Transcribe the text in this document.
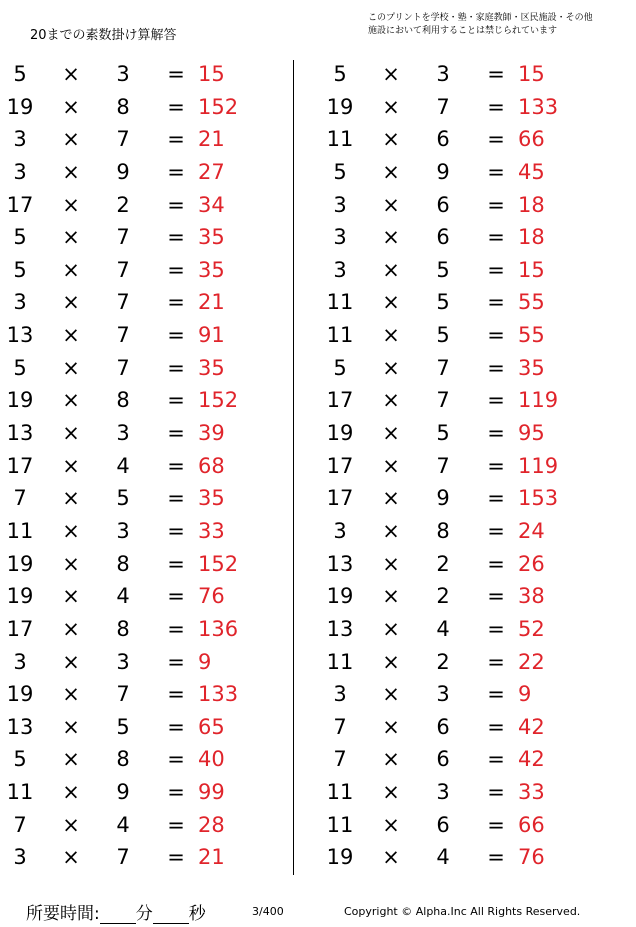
20までの素数掛け算解答
このプリントを学校・塾・家庭教師・区民施設・その他
施設において利用することは禁じられています
5	×	3	= 15
19 ×	8	= 152
3	×	7	= 21
3	×	9	= 27
17 ×	2	= 34
5	×	7	= 35
5	×	7	= 35
3	×	7	= 21
13 ×	7	= 91
5	×	7	= 35
19 ×	8	= 152
13 ×	3	= 39
17 ×	4	= 68
7	×	5	= 35
11 ×	3	= 33
19 ×	8	= 152
19 ×	4	= 76
17 ×	8	= 136
3	×	3	= 9
19 ×	7	= 133
13 ×	5	= 65
5	×	8	= 40
11 ×	9	= 99
7	×	4	= 28
3	×	7	= 21
5	×	3	= 15
19 ×	7	= 133
11 ×	6	= 66
5	×	9	= 45
3	×	6	= 18
3	×	6	= 18
3	×	5	= 15
11 ×	5	= 55
11 ×	5	= 55
5	×	7	= 35
17 ×	7	= 119
19 ×	5	= 95
17 ×	7	= 119
17 ×	9	= 153
3	×	8	= 24
13 ×	2	= 26
19 ×	2	= 38
13 ×	4	= 52
11 ×	2	= 22
3	×	3	= 9
7	×	6	= 42
7	×	6	= 42
11 ×	3	= 33
11 ×	6	= 66
19 ×	4	= 76
所要時間: 分 秒	3/400	Copyright © Alpha.Inc All Rights Reserved.
